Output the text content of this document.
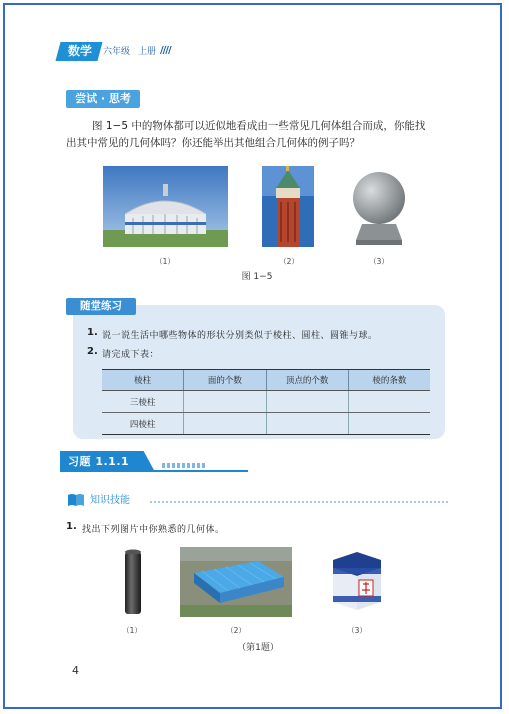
数学	六年级 上册 ////
尝试 · 思考
图 1−5 中的物体都可以近似地看成由一些常见几何体组合而成，你能找
出其中常见的几何体吗？你还能举出其他组合几何体的例子吗？
（1）	（2）	（3）
图 1−5
随堂练习
1. 说一说生活中哪些物体的形状分别类似于棱柱、圆柱、圆锥与球。
2. 请完成下表：
棱柱	面的个数	顶点的个数	棱的条数
三棱柱			
四棱柱			
习题 1.1.1
知识技能
1. 找出下列图片中你熟悉的几何体。
（1）	（2）	（3）
（第1题）
4
